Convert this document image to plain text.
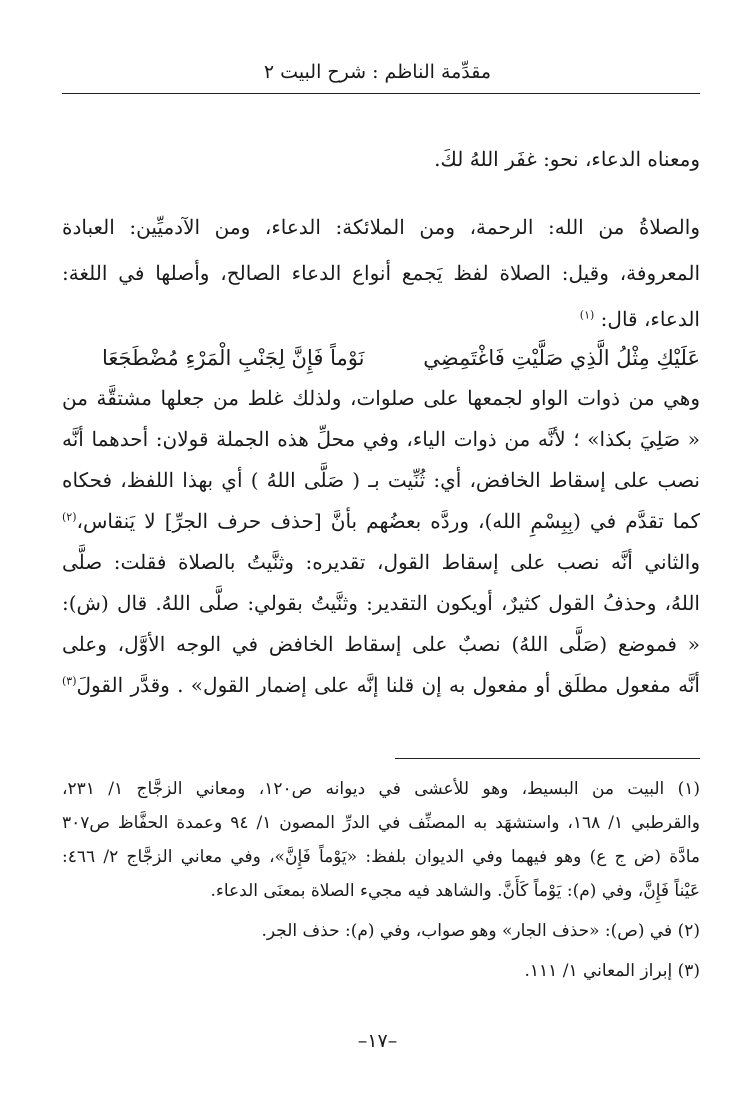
مقدِّمة الناظم : شرح البيت ٢
ومعناه الدعاء، نحو: غفَر اللهُ لكَ.
والصلاةُ من الله: الرحمة، ومن الملائكة: الدعاء، ومن الآدميِّين: العبادة
المعروفة، وقيل: الصلاة لفظ يَجمع أنواع الدعاء الصالح، وأصلها في اللغة:
الدعاء، قال: $^{(١)}$
عَلَيْكِ مِثْلُ الَّذِي صَلَّيْتِ فَاغْتَمِضِي
نَوْماً فَإِنَّ لِجَنْبِ الْمَرْءِ مُضْطَجَعَا
وهي من ذوات الواو لجمعها على صلوات، ولذلك غلط من جعلها مشتقَّة من
« صَلِيَ بكذا» ؛ لأنَّه من ذوات الياء، وفي محلِّ هذه الجملة قولان: أحدهما أنَّه
نصب على إسقاط الخافض، أي: ثُنِّيت بـ ( صَلَّى اللهُ ) أي بهذا اللفظ، فحكاه
كما تقدَّم في (بِبِسْمِ الله)، وردَّه بعضُهم بأنَّ [حذف حرف الجرِّ] لا يَنقاس،$^{(٢)}$
والثاني أنَّه نصب على إسقاط القول، تقديره: وثنَّيتُ بالصلاة فقلت: صلَّى
اللهُ، وحذفُ القول كثيرٌ، أويكون التقدير: وثنَّيتُ بقولي: صلَّى اللهُ. قال (ش):
« فموضع (صَلَّى اللهُ) نصبٌ على إسقاط الخافض في الوجه الأوَّل، وعلى
أنَّه مفعول مطلَق أو مفعول به إن قلنا إنَّه على إضمار القول» . وقدَّر القولَ$^{(٣)}$
(١) البيت من البسيط، وهو للأعشى في ديوانه ص١٢٠، ومعاني الزجَّاج ١/ ٢٣١،
والقرطبي ١/ ١٦٨، واستشهَد به المصنِّف في الدرِّ المصون ١/ ٩٤ وعمدة الحفَّاظ ص٣٠٧
مادَّة (ض ج ع) وهو فيهما وفي الديوان بلفظ: «يَوْماً فَإِنَّ»، وفي معاني الزجَّاج ٢/ ٤٦٦:
عَيْناً فَإِنَّ، وفي (م): يَوْماً كَأَنَّ. والشاهد فيه مجيء الصلاة بمعنَى الدعاء.
(٢) في (ص): «حذف الجار» وهو صواب، وفي (م): حذف الجر.
(٣) إبراز المعاني ١/ ١١١.
–١٧–
